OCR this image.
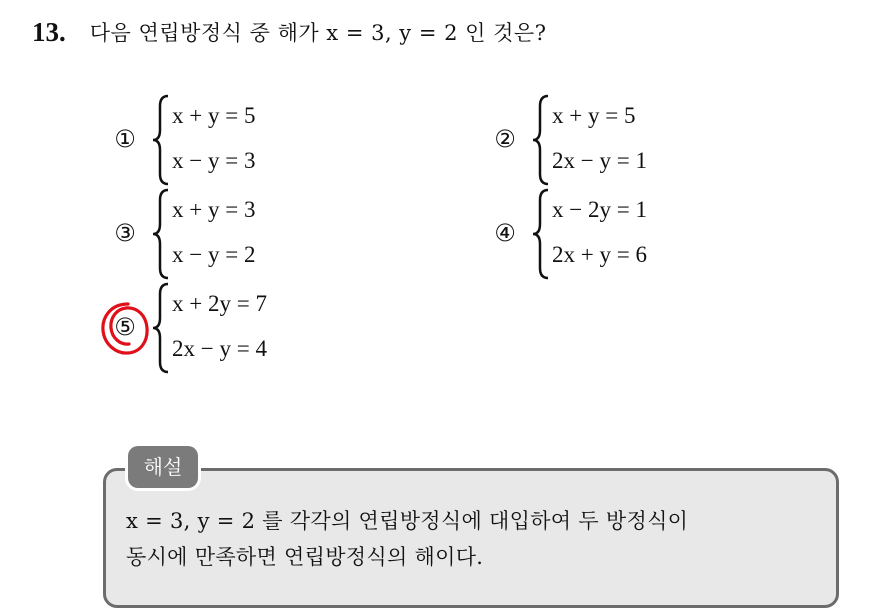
13. 다음 연립방정식 중 해가 x = 3, y = 2 인 것은?
①
x + y = 5
x − y = 3
②
x + y = 5
2x − y = 1
③
x + y = 3
x − y = 2
④
x − 2y = 1
2x + y = 6
⑤
x + 2y = 7
2x − y = 4
해설
x = 3, y = 2 를 각각의 연립방정식에 대입하여 두 방정식이
동시에 만족하면 연립방정식의 해이다.
